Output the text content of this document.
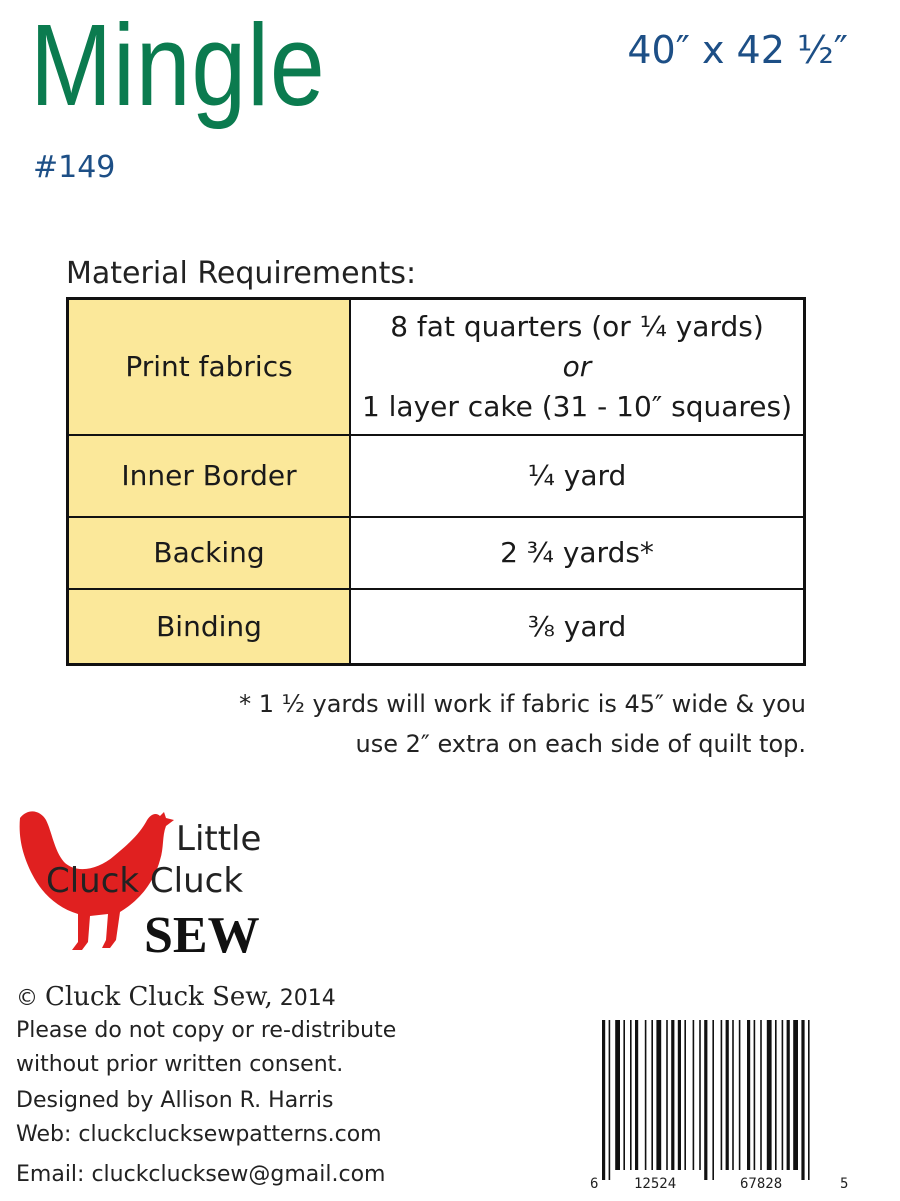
Mingle
#149
40″ x 42 ½″
Material Requirements:
Print fabrics	8 fat quarters (or ¼ yards)
or
1 layer cake (31 - 10″ squares)

Inner Border	¼ yard
Backing	2 ¾ yards*
Binding	⅜ yard
* 1 ½ yards will work if fabric is 45″ wide & you
use 2″ extra on each side of quilt top.
Little
Cluck Cluck
SEW
© Cluck Cluck Sew, 2014
Please do not copy or re-distribute
without prior written consent.
Designed by Allison R. Harris
Web: cluckclucksewpatterns.com
Email: cluckclucksew@gmail.com	6	12524	67828	5
